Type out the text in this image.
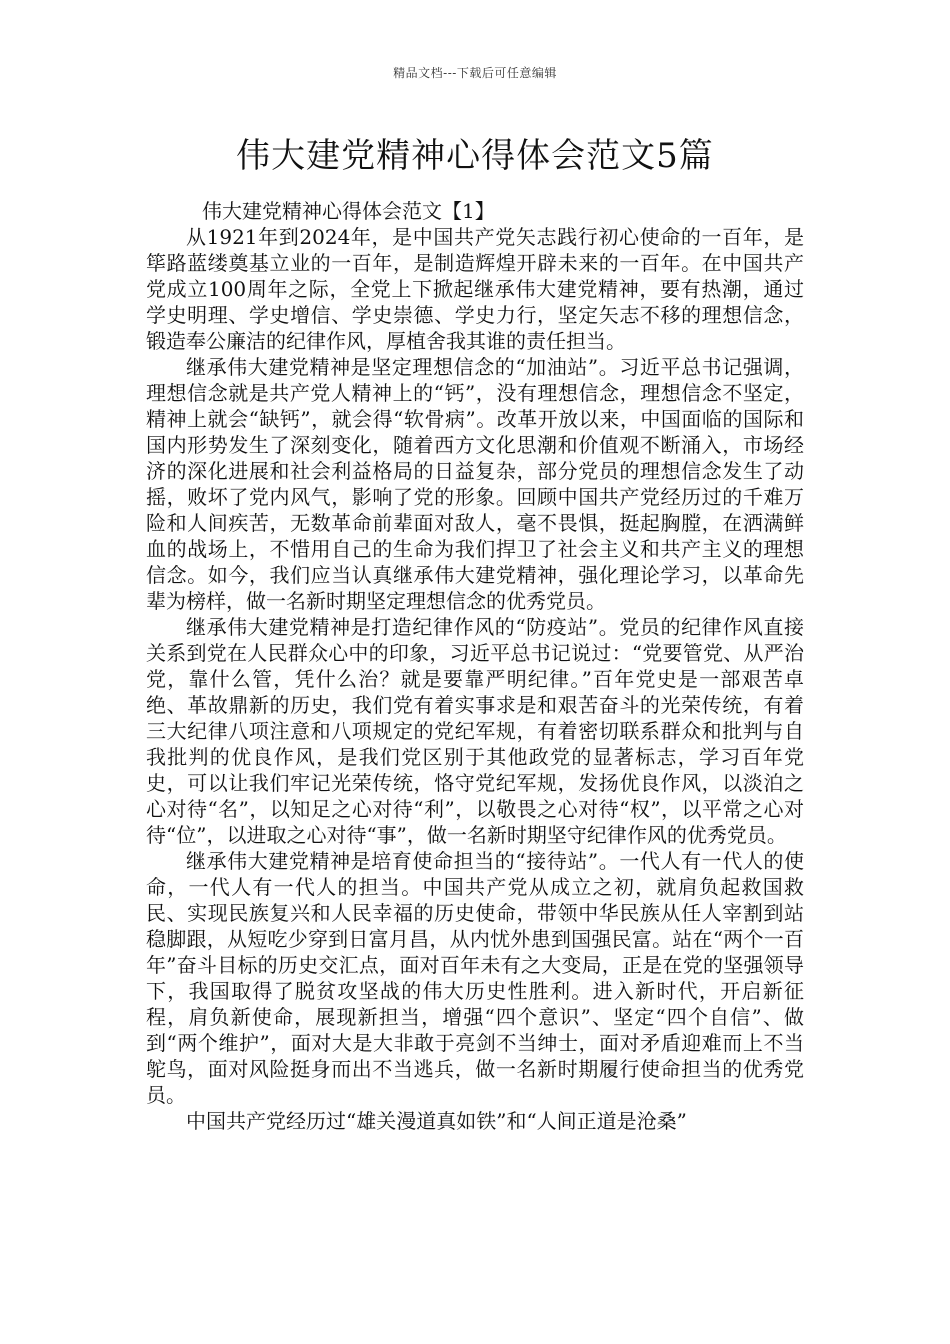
精品文档---下载后可任意编辑
伟大建党精神心得体会范文5篇

伟大建党精神心得体会范文【1】

从1921年到2024年，是中国共产党矢志践行初心使命的一百年，是筚路蓝缕奠基立业的一百年，是制造辉煌开辟未来的一百年。在中国共产党成立100周年之际，全党上下掀起继承伟大建党精神，要有热潮，通过学史明理、学史增信、学史崇德、学史力行，坚定矢志不移的理想信念，锻造奉公廉洁的纪律作风，厚植舍我其谁的责任担当。

继承伟大建党精神是坚定理想信念的“加油站”。习近平总书记强调，理想信念就是共产党人精神上的“钙”，没有理想信念，理想信念不坚定，精神上就会“缺钙”，就会得“软骨病”。改革开放以来，中国面临的国际和国内形势发生了深刻变化，随着西方文化思潮和价值观不断涌入，市场经济的深化进展和社会利益格局的日益复杂，部分党员的理想信念发生了动摇，败坏了党内风气，影响了党的形象。回顾中国共产党经历过的千难万险和人间疾苦，无数革命前辈面对敌人，毫不畏惧，挺起胸膛，在洒满鲜血的战场上，不惜用自己的生命为我们捍卫了社会主义和共产主义的理想信念。如今，我们应当认真继承伟大建党精神，强化理论学习，以革命先辈为榜样，做一名新时期坚定理想信念的优秀党员。

继承伟大建党精神是打造纪律作风的“防疫站”。党员的纪律作风直接关系到党在人民群众心中的印象，习近平总书记说过：“党要管党、从严治党，靠什么管，凭什么治？就是要靠严明纪律。”百年党史是一部艰苦卓绝、革故鼎新的历史，我们党有着实事求是和艰苦奋斗的光荣传统，有着三大纪律八项注意和八项规定的党纪军规，有着密切联系群众和批判与自我批判的优良作风，是我们党区别于其他政党的显著标志，学习百年党史，可以让我们牢记光荣传统，恪守党纪军规，发扬优良作风，以淡泊之心对待“名”，以知足之心对待“利”，以敬畏之心对待“权”，以平常之心对待“位”，以进取之心对待“事”，做一名新时期坚守纪律作风的优秀党员。

继承伟大建党精神是培育使命担当的“接待站”。一代人有一代人的使命，一代人有一代人的担当。中国共产党从成立之初，就肩负起救国救民、实现民族复兴和人民幸福的历史使命，带领中华民族从任人宰割到站稳脚跟，从短吃少穿到日富月昌，从内忧外患到国强民富。站在“两个一百年”奋斗目标的历史交汇点，面对百年未有之大变局，正是在党的坚强领导下，我国取得了脱贫攻坚战的伟大历史性胜利。进入新时代，开启新征程，肩负新使命，展现新担当，增强“四个意识”、坚定“四个自信”、做到“两个维护”，面对大是大非敢于亮剑不当绅士，面对矛盾迎难而上不当鸵鸟，面对风险挺身而出不当逃兵，做一名新时期履行使命担当的优秀党员。

中国共产党经历过“雄关漫道真如铁”和“人间正道是沧桑”
